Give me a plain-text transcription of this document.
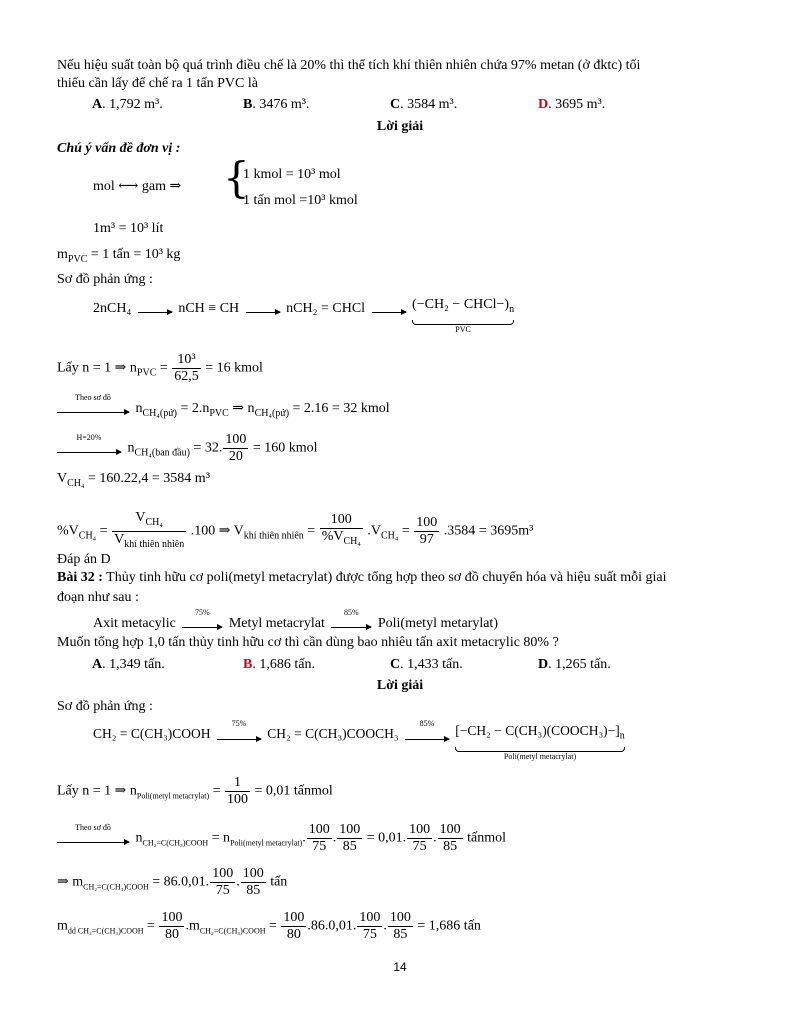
Nếu hiệu suất toàn bộ quá trình điều chế là 20% thì thể tích khí thiên nhiên chứa 97% metan (ở đktc) tối
thiểu cần lấy để chế ra 1 tấn PVC là
A. 1,792 m³.	B. 3476 m³.	C. 3584 m³.	D. 3695 m³.
Lời giải
Chú ý vấn đề đơn vị :
mol ⟷ gam ⇒ {
1 kmol = 10³ mol
1 tấn mol =10³ kmol
1m³ = 10³ lít
$m_{PVC} = 1$ tấn = 10³ kg
Sơ đồ phản ứng :
2nCH₄	nCH ≡ CH	nCH₂ = CHCl	$(-CH_2 - CHCl-)_n$
PVC
Lấy n = 1 ⇒ $n_{PVC} = \frac{\text{10³}}{62,5} = 16$ kmol
Theo sơ đồ
$n_{CH_4(pứ)} = 2.n_{PVC}$ ⇒ $n_{CH_4(pứ)} = 2.16 = 32$ kmol
H=20%
$n_{CH_4(ban đầu)} = 32$. $\frac{100}{20} = 160$ kmol
$V_{CH_4} = 160.22,4 = 3584$ m³
$\%V_{CH_4} = \frac{V_{CH_4}}{V_{khí thiên nhiên}} .100$ ⇒ $V_{khí thiên nhiên} = \frac{100}{\%V_{CH_4}} .V_{CH_4} = \frac{100}{97} .3584 = 3695m^3$
Đáp án D
Bài 32 : Thủy tinh hữu cơ poli(metyl metacrylat) được tổng hợp theo sơ đồ chuyển hóa và hiệu suất mỗi giai
đoạn như sau :
Axit metacylic
75%
Metyl metacrylat
85%
Poli(metyl metarylat)
Muốn tổng hợp 1,0 tấn thủy tinh hữu cơ thì cần dùng bao nhiêu tấn axit metacrylic 80% ?
A. 1,349 tấn.	B. 1,686 tấn.	C. 1,433 tấn.	D. 1,265 tấn.
Lời giải
Sơ đồ phản ứng :
CH₂ = C(CH₃)COOH
75%
CH₂ = C(CH₃)COOCH₃
85%	$[-CH_2 - C(CH_3)(COOCH_3)-]_n$
Poli(metyl metacrylat)
Lấy n = 1 ⇒ $n_{Poli(metyl metacrylat)} = \frac{1}{100} = 0,01$ tấnmol
Theo sơ đồ
$n_{CH_2=C(CH_3)COOH} = n_{Poli(metyl metacrylat)}$. $\frac{100}{75}$ . $\frac{100}{85} = 0,01$. $\frac{100}{75}$ . $\frac{100}{85}$ tấnmol
⇒ $m_{CH_2=C(CH_3)COOH} = 86.0,01$. $\frac{100}{75}$ . $\frac{100}{85}$ tấn
$m_{dd CH_2=C(CH_3)COOH} = \frac{100}{80} .m_{CH_2=C(CH_3)COOH} = \frac{100}{80} .86.0,01$. $\frac{100}{75}$ . $\frac{100}{85} = 1,686$ tấn
14
